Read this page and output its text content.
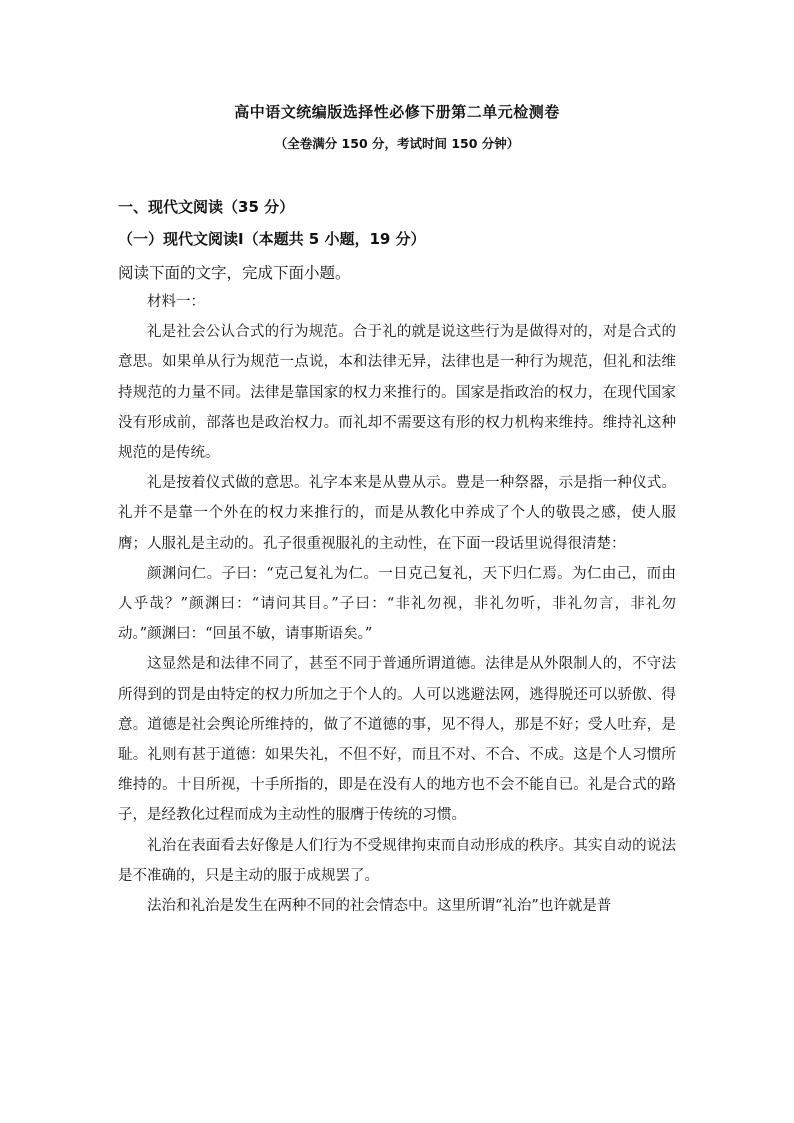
高中语文统编版选择性必修下册第二单元检测卷
（全卷满分 150 分，考试时间 150 分钟）
一、现代文阅读（35 分）
（一）现代文阅读Ⅰ（本题共 5 小题，19 分）
阅读下面的文字，完成下面小题。

材料一：

礼是社会公认合式的行为规范。合于礼的就是说这些行为是做得对的，对是合式的意思。如果单从行为规范一点说，本和法律无异，法律也是一种行为规范，但礼和法维持规范的力量不同。法律是靠国家的权力来推行的。国家是指政治的权力，在现代国家没有形成前，部落也是政治权力。而礼却不需要这有形的权力机构来维持。维持礼这种规范的是传统。

礼是按着仪式做的意思。礼字本来是从豊从示。豊是一种祭器，示是指一种仪式。礼并不是靠一个外在的权力来推行的，而是从教化中养成了个人的敬畏之感，使人服膺；人服礼是主动的。孔子很重视服礼的主动性，在下面一段话里说得很清楚：

颜渊问仁。子曰：“克己复礼为仁。一日克己复礼，天下归仁焉。为仁由己，而由人乎哉？”颜渊曰：“请问其目。”子曰：“非礼勿视，非礼勿听，非礼勿言，非礼勿动。”颜渊曰：“回虽不敏，请事斯语矣。”

这显然是和法律不同了，甚至不同于普通所谓道德。法律是从外限制人的，不守法所得到的罚是由特定的权力所加之于个人的。人可以逃避法网，逃得脱还可以骄傲、得意。道德是社会舆论所维持的，做了不道德的事，见不得人，那是不好；受人吐弃，是耻。礼则有甚于道德：如果失礼，不但不好，而且不对、不合、不成。这是个人习惯所维持的。十目所视，十手所指的，即是在没有人的地方也不会不能自已。礼是合式的路子，是经教化过程而成为主动性的服膺于传统的习惯。

礼治在表面看去好像是人们行为不受规律拘束而自动形成的秩序。其实自动的说法是不准确的，只是主动的服于成规罢了。

法治和礼治是发生在两种不同的社会情态中。这里所谓“礼治”也许就是普
